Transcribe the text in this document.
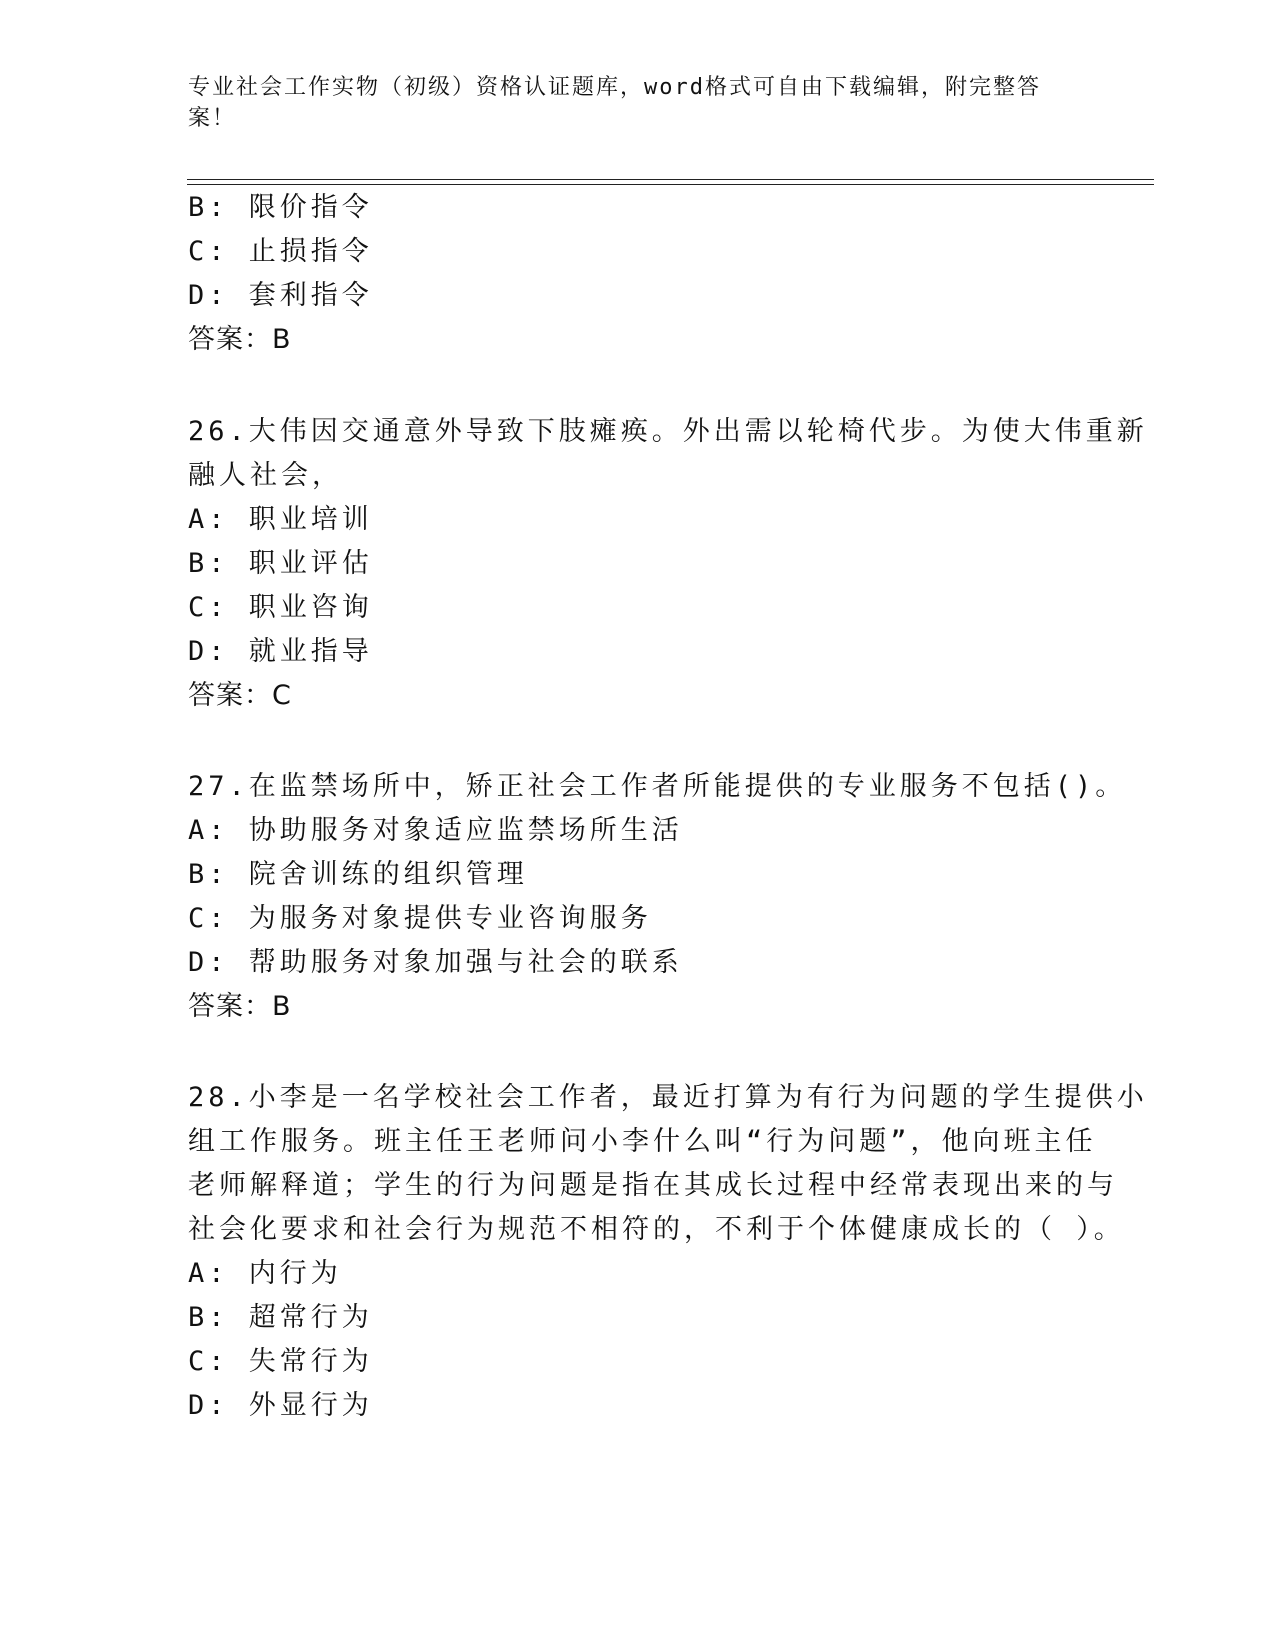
专业社会工作实物（初级）资格认证题库，word格式可自由下载编辑，附完整答案！
B: 限价指令
C: 止损指令
D: 套利指令
答案：B
26.大伟因交通意外导致下肢瘫痪。外出需以轮椅代步。为使大伟重新
融人社会，
A: 职业培训
B: 职业评估
C: 职业咨询
D: 就业指导
答案：C
27.在监禁场所中，矫正社会工作者所能提供的专业服务不包括()。
A: 协助服务对象适应监禁场所生活
B: 院舍训练的组织管理
C: 为服务对象提供专业咨询服务
D: 帮助服务对象加强与社会的联系
答案：B
28.小李是一名学校社会工作者，最近打算为有行为问题的学生提供小
组工作服务。班主任王老师问小李什么叫“行为问题”，他向班主任
老师解释道；学生的行为问题是指在其成长过程中经常表现出来的与
社会化要求和社会行为规范不相符的，不利于个体健康成长的（ ）。
A: 内行为
B: 超常行为
C: 失常行为
D: 外显行为
